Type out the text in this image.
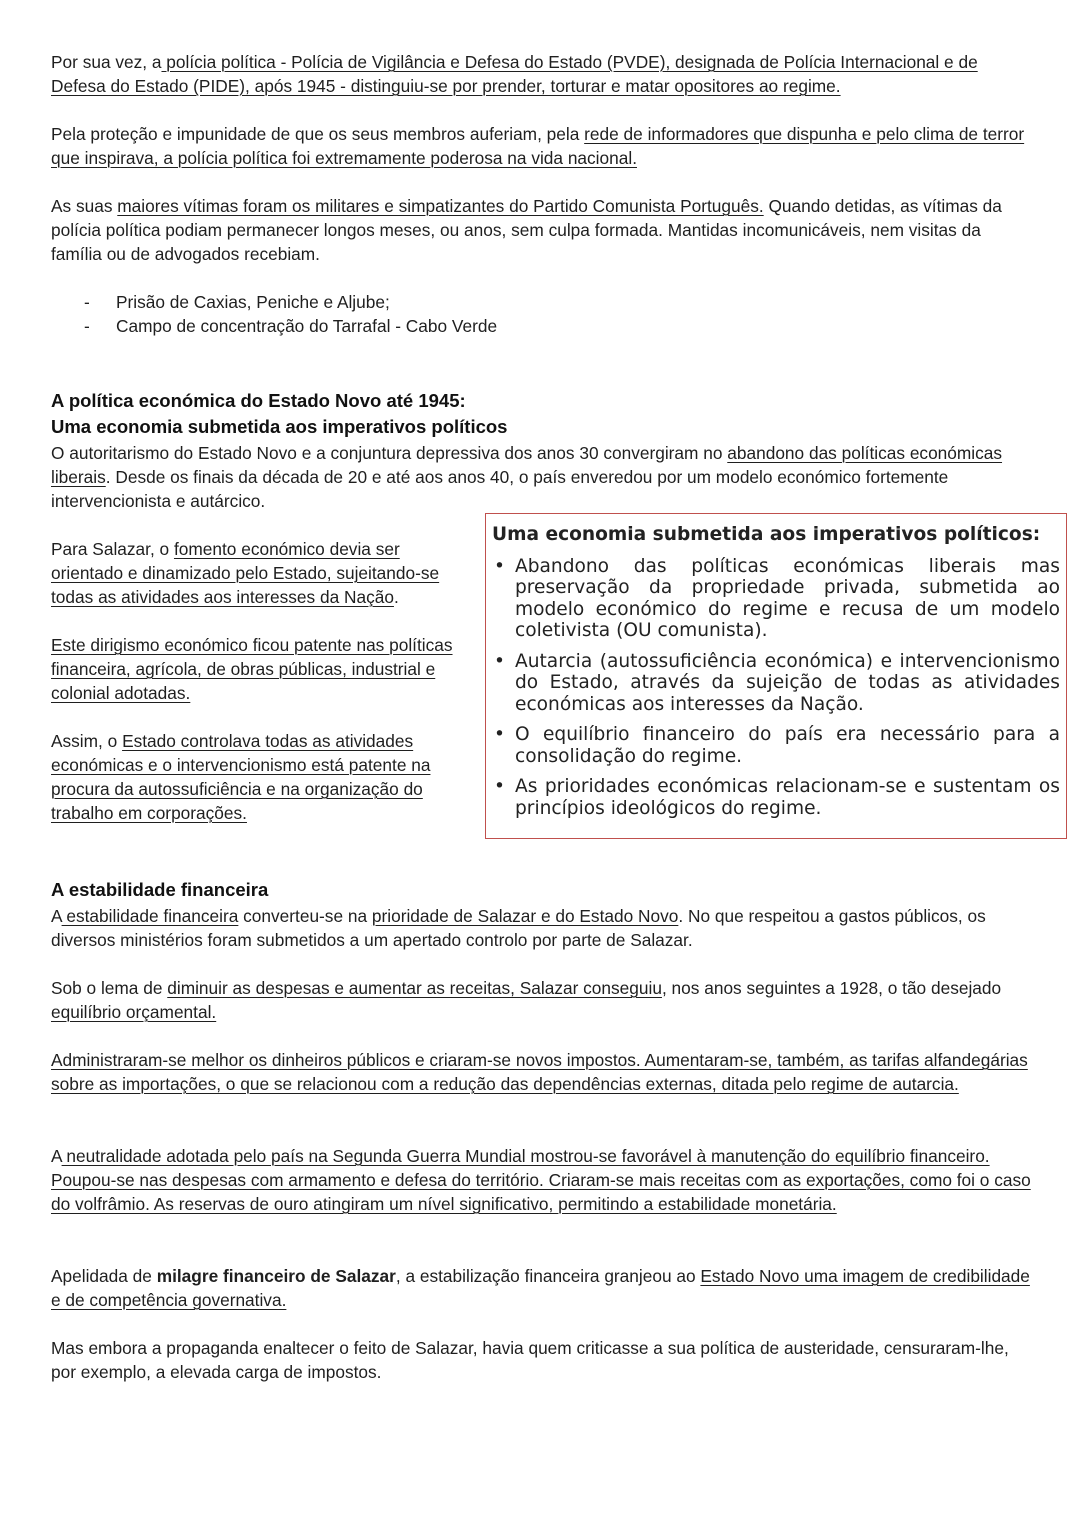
Por sua vez, a polícia política - Polícia de Vigilância e Defesa do Estado (PVDE), designada de Polícia Internacional e de Defesa do Estado (PIDE), após 1945 - distinguiu-se por prender, torturar e matar opositores ao regime.

Pela proteção e impunidade de que os seus membros auferiam, pela rede de informadores que dispunha e pelo clima de terror que inspirava, a polícia política foi extremamente poderosa na vida nacional.

As suas maiores vítimas foram os militares e simpatizantes do Partido Comunista Português. Quando detidas, as vítimas da polícia política podiam permanecer longos meses, ou anos, sem culpa formada. Mantidas incomunicáveis, nem visitas da família ou de advogados recebiam.

- Prisão de Caxias, Peniche e Aljube;
- Campo de concentração do Tarrafal - Cabo Verde
A política económica do Estado Novo até 1945:
Uma economia submetida aos imperativos políticos

O autoritarismo do Estado Novo e a conjuntura depressiva dos anos 30 convergiram no abandono das políticas económicas liberais. Desde os finais da década de 20 e até aos anos 40, o país enveredou por um modelo económico fortemente intervencionista e autárcico.

Para Salazar, o fomento económico devia ser orientado e dinamizado pelo Estado, sujeitando-se todas as atividades aos interesses da Nação.

Este dirigismo económico ficou patente nas políticas financeira, agrícola, de obras públicas, industrial e colonial adotadas.

Assim, o Estado controlava todas as atividades económicas e o intervencionismo está patente na procura da autossuficiência e na organização do trabalho em corporações.

Uma economia submetida aos imperativos políticos:
• Abandono das políticas económicas liberais mas preservação da propriedade privada, submetida ao modelo económico do regime e recusa de um modelo coletivista (OU comunista).
• Autarcia (autossuficiência económica) e intervencionismo do Estado, através da sujeição de todas as atividades económicas aos interesses da Nação.
• O equilíbrio financeiro do país era necessário para a consolidação do regime.
• As prioridades económicas relacionam-se e sustentam os princípios ideológicos do regime.
A estabilidade financeira

A estabilidade financeira converteu-se na prioridade de Salazar e do Estado Novo. No que respeitou a gastos públicos, os diversos ministérios foram submetidos a um apertado controlo por parte de Salazar.

Sob o lema de diminuir as despesas e aumentar as receitas, Salazar conseguiu, nos anos seguintes a 1928, o tão desejado equilíbrio orçamental.

Administraram-se melhor os dinheiros públicos e criaram-se novos impostos. Aumentaram-se, também, as tarifas alfandegárias sobre as importações, o que se relacionou com a redução das dependências externas, ditada pelo regime de autarcia.

A neutralidade adotada pelo país na Segunda Guerra Mundial mostrou-se favorável à manutenção do equilíbrio financeiro. Poupou-se nas despesas com armamento e defesa do território. Criaram-se mais receitas com as exportações, como foi o caso do volfrâmio. As reservas de ouro atingiram um nível significativo, permitindo a estabilidade monetária.

Apelidada de milagre financeiro de Salazar, a estabilização financeira granjeou ao Estado Novo uma imagem de credibilidade e de competência governativa.

Mas embora a propaganda enaltecer o feito de Salazar, havia quem criticasse a sua política de austeridade, censuraram-lhe, por exemplo, a elevada carga de impostos.
